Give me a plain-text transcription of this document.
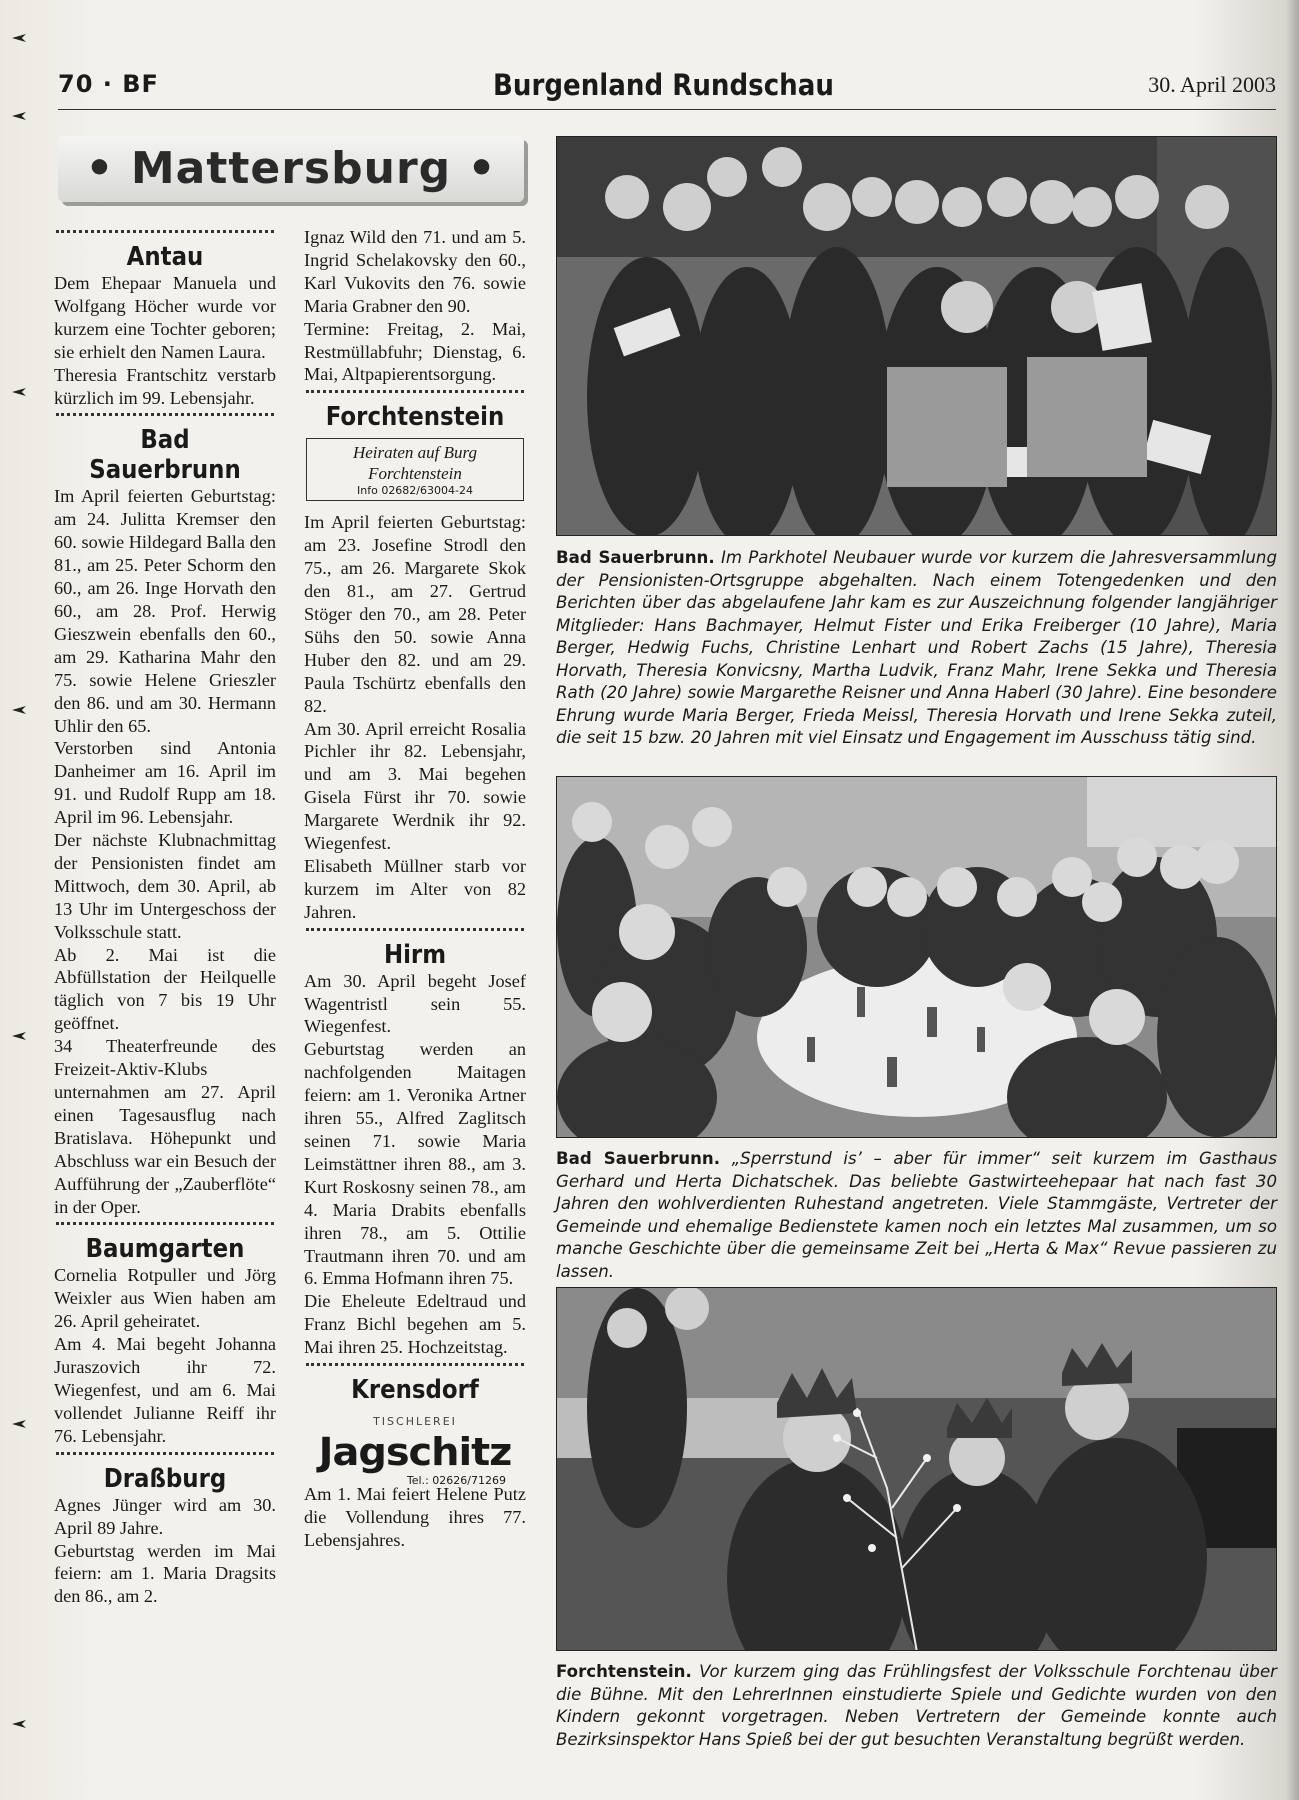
70 · BF	Burgenland Rundschau	30. April 2003
• Mattersburg •
Antau

Dem Ehepaar Manuela und Wolfgang Höcher wurde vor kurzem eine Tochter geboren; sie erhielt den Namen Laura.

Theresia Frantschitz verstarb kürzlich im 99. Lebensjahr.

Bad Sauerbrunn

Im April feierten Geburtstag: am 24. Julitta Kremser den 60. sowie Hildegard Balla den 81., am 25. Peter Schorm den 60., am 26. Inge Horvath den 60., am 28. Prof. Herwig Gieszwein ebenfalls den 60., am 29. Katharina Mahr den 75. sowie Helene Grieszler den 86. und am 30. Hermann Uhlir den 65.

Verstorben sind Antonia Danheimer am 16. April im 91. und Rudolf Rupp am 18. April im 96. Lebensjahr.

Der nächste Klubnachmittag der Pensionisten findet am Mittwoch, dem 30. April, ab 13 Uhr im Untergeschoss der Volksschule statt.

Ab 2. Mai ist die Abfüllstation der Heilquelle täglich von 7 bis 19 Uhr geöffnet.

34 Theaterfreunde des Freizeit-Aktiv-Klubs unternahmen am 27. April einen Tagesausflug nach Bratislava. Höhepunkt und Abschluss war ein Besuch der Aufführung der „Zauberflöte“ in der Oper.

Baumgarten

Cornelia Rotpuller und Jörg Weixler aus Wien haben am 26. April geheiratet.

Am 4. Mai begeht Johanna Juraszovich ihr 72. Wiegenfest, und am 6. Mai vollendet Julianne Reiff ihr 76. Lebensjahr.

Draßburg

Agnes Jünger wird am 30. April 89 Jahre.

Geburtstag werden im Mai feiern: am 1. Maria Dragsits den 86., am 2.

Ignaz Wild den 71. und am 5. Ingrid Schelakovsky den 60., Karl Vukovits den 76. sowie Maria Grabner den 90.

Termine: Freitag, 2. Mai, Restmüllabfuhr; Dienstag, 6. Mai, Altpapierentsorgung.

Forchtenstein
Heiraten auf Burg
Forchtenstein
Info 02682/63004-24

Im April feierten Geburtstag: am 23. Josefine Strodl den 75., am 26. Margarete Skok den 81., am 27. Gertrud Stöger den 70., am 28. Peter Sühs den 50. sowie Anna Huber den 82. und am 29. Paula Tschürtz ebenfalls den 82.

Am 30. April erreicht Rosalia Pichler ihr 82. Lebensjahr, und am 3. Mai begehen Gisela Fürst ihr 70. sowie Margarete Werdnik ihr 92. Wiegenfest.

Elisabeth Müllner starb vor kurzem im Alter von 82 Jahren.

Hirm

Am 30. April begeht Josef Wagentristl sein 55. Wiegenfest.

Geburtstag werden an nachfolgenden Maitagen feiern: am 1. Veronika Artner ihren 55., Alfred Zaglitsch seinen 71. sowie Maria Leimstättner ihren 88., am 3. Kurt Roskosny seinen 78., am 4. Maria Drabits ebenfalls ihren 78., am 5. Ottilie Trautmann ihren 70. und am 6. Emma Hofmann ihren 75.

Die Eheleute Edeltraud und Franz Bichl begehen am 5. Mai ihren 25. Hochzeitstag.

Krensdorf
TISCHLEREI
Jagschitz
Tel.: 02626/71269

Am 1. Mai feiert Helene Putz die Vollendung ihres 77. Lebensjahres.

Bad Sauerbrunn. Im Parkhotel Neubauer wurde vor kurzem die Jahresversammlung der Pensionisten-Ortsgruppe abgehalten. Nach einem Totengedenken und den Berichten über das abgelaufene Jahr kam es zur Auszeichnung folgender langjähriger Mitglieder: Hans Bachmayer, Helmut Fister und Erika Freiberger (10 Jahre), Maria Berger, Hedwig Fuchs, Christine Lenhart und Robert Zachs (15 Jahre), Theresia Horvath, Theresia Konvicsny, Martha Ludvik, Franz Mahr, Irene Sekka und Theresia Rath (20 Jahre) sowie Margarethe Reisner und Anna Haberl (30 Jahre). Eine besondere Ehrung wurde Maria Berger, Frieda Meissl, Theresia Horvath und Irene Sekka zuteil, die seit 15 bzw. 20 Jahren mit viel Einsatz und Engagement im Ausschuss tätig sind.
Bad Sauerbrunn. „Sperrstund is’ – aber für immer“ seit kurzem im Gasthaus Gerhard und Herta Dichatschek. Das beliebte Gastwirteehepaar hat nach fast 30 Jahren den wohlverdienten Ruhestand angetreten. Viele Stammgäste, Vertreter der Gemeinde und ehemalige Bedienstete kamen noch ein letztes Mal zusammen, um so manche Geschichte über die gemeinsame Zeit bei „Herta & Max“ Revue passieren zu lassen.
Forchtenstein. Vor kurzem ging das Frühlingsfest der Volksschule Forchtenau über die Bühne. Mit den LehrerInnen einstudierte Spiele und Gedichte wurden von den Kindern gekonnt vorgetragen. Neben Vertretern der Gemeinde konnte auch Bezirksinspektor Hans Spieß bei der gut besuchten Veranstaltung begrüßt werden.
